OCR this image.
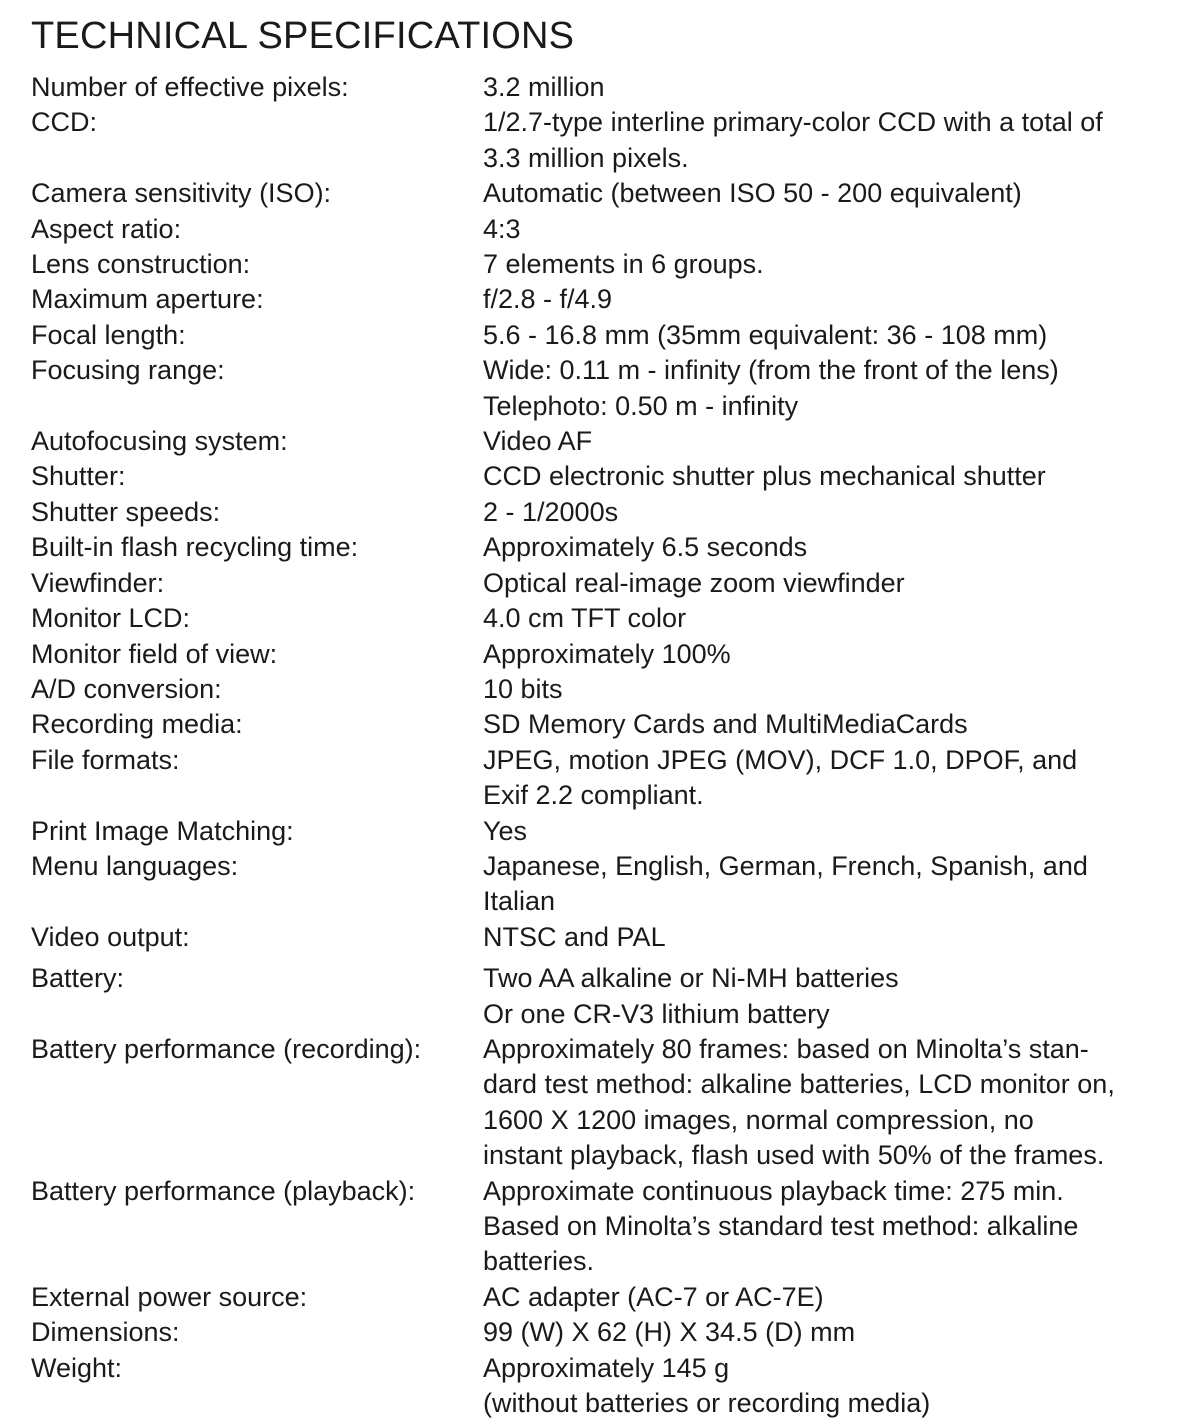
TECHNICAL SPECIFICATIONS
Number of effective pixels:	3.2 million
CCD:	1/2.7-type interline primary-color CCD with a total of
3.3 million pixels.
Camera sensitivity (ISO):	Automatic (between ISO 50 - 200 equivalent)
Aspect ratio:	4:3
Lens construction:	7 elements in 6 groups.
Maximum aperture:	f/2.8 - f/4.9
Focal length:	5.6 - 16.8 mm (35mm equivalent: 36 - 108 mm)
Focusing range:	Wide: 0.11 m - infinity (from the front of the lens)
Telephoto: 0.50 m - infinity
Autofocusing system:	Video AF
Shutter:	CCD electronic shutter plus mechanical shutter
Shutter speeds:	2 - 1/2000s
Built-in flash recycling time:	Approximately 6.5 seconds
Viewfinder:	Optical real-image zoom viewfinder
Monitor LCD:	4.0 cm TFT color
Monitor field of view:	Approximately 100%
A/D conversion:	10 bits
Recording media:	SD Memory Cards and MultiMediaCards
File formats:	JPEG, motion JPEG (MOV), DCF 1.0, DPOF, and
Exif 2.2 compliant.
Print Image Matching:	Yes
Menu languages:	Japanese, English, German, French, Spanish, and
Italian
Video output:	NTSC and PAL
Battery:	Two AA alkaline or Ni-MH batteries
Or one CR-V3 lithium battery
Battery performance (recording):	Approximately 80 frames: based on Minolta’s stan-
dard test method: alkaline batteries, LCD monitor on,
1600 X 1200 images, normal compression, no
instant playback, flash used with 50% of the frames.
Battery performance (playback):	Approximate continuous playback time: 275 min.
Based on Minolta’s standard test method: alkaline
batteries.
External power source:	AC adapter (AC-7 or AC-7E)
Dimensions:	99 (W) X 62 (H) X 34.5 (D) mm
Weight:	Approximately 145 g
(without batteries or recording media)
